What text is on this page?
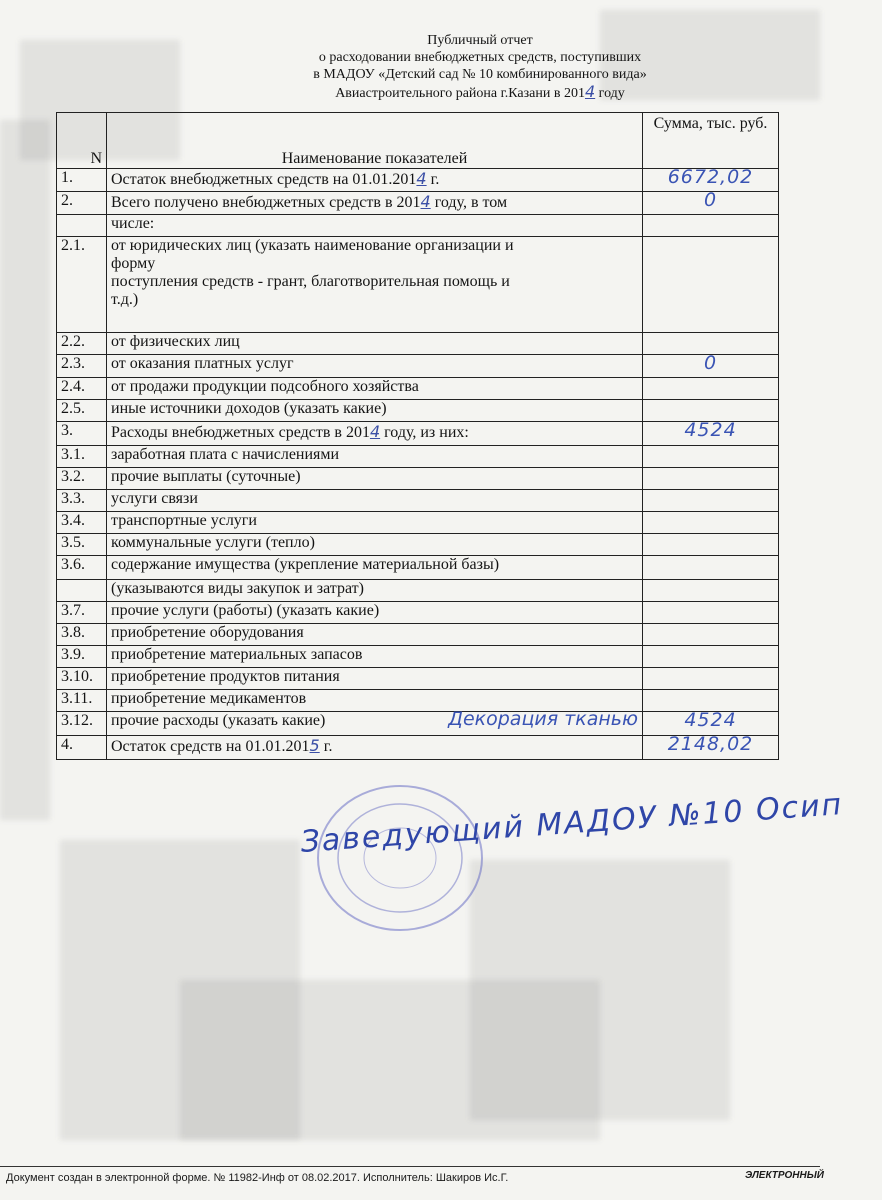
Публичный отчет
о расходовании внебюджетных средств, поступивших
в МАДОУ «Детский сад № 10 комбинированного вида»
Авиастроительного района г.Казани в 2014 году
N	Наименование показателей	Сумма, тыс. руб.
1.	Остаток внебюджетных средств на 01.01.2014 г.	6672,02
2.	Всего получено внебюджетных средств в 2014 году, в том	0
	числе:	
2.1.	от юридических лиц (указать наименование организации и
форму
поступления средств - грант, благотворительная помощь и
т.д.)	

2.2.	от физических лиц	
2.3.	от оказания платных услуг	0
2.4.	от продажи продукции подсобного хозяйства	
2.5.	иные источники доходов (указать какие)	
3.	Расходы внебюджетных средств в 2014 году, из них:	4524
3.1.	заработная плата с начислениями	
3.2.	прочие выплаты (суточные)	
3.3.	услуги связи	
3.4.	транспортные услуги	
3.5.	коммунальные услуги (тепло)	
3.6.	содержание имущества (укрепление материальной базы)	
	(указываются виды закупок и затрат)	
3.7.	прочие услуги (работы) (указать какие)	
3.8.	приобретение оборудования	
3.9.	приобретение материальных запасов	
3.10.	приобретение продуктов питания	
3.11.	приобретение медикаментов	
3.12.	прочие расходы (указать какие)	4524
Декорация тканью

4.	Остаток средств на 01.01.2015 г.	2148,02
Заведующий МАДОУ №10 Осип
Документ создан в электронной форме. № 11982-Инф от 08.02.2017. Исполнитель: Шакиров Ис.Г.	ЭЛЕКТРОННЫЙ
